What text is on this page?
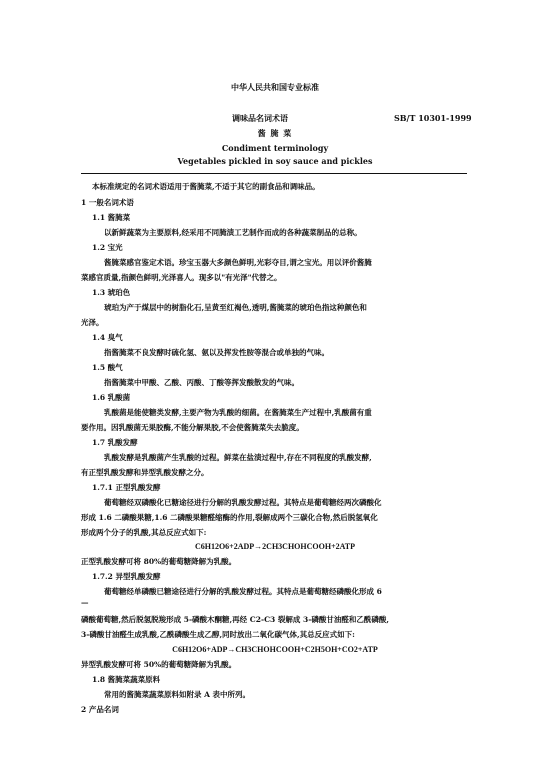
中华人民共和国专业标准
调味品名词术语	SB/T 10301-1999
酱 腌 菜
Condiment terminology
Vegetables pickled in soy sauce and pickles
本标准规定的名词术语适用于酱腌菜,不适于其它的副食品和调味品。
1 一般名词术语
1.1 酱腌菜
以新鲜蔬菜为主要原料,经采用不同腌渍工艺制作而成的各种蔬菜制品的总称。
1.2 宝光
酱腌菜感官鉴定术语。珍宝玉器大多颜色鲜明,光彩夺目,谓之宝光。用以评价酱腌
菜感官质量,指颜色鲜明,光泽喜人。现多以"有光泽"代替之。
1.3 琥珀色
琥珀为产于煤层中的树脂化石,呈黄至红褐色,透明,酱腌菜的琥珀色指这种颜色和
光泽。
1.4 臭气
指酱腌菜不良发酵时硫化氢、氨以及挥发性胺等混合或单独的气味。
1.5 酸气
指酱腌菜中甲酸、乙酸、丙酸、丁酸等挥发酸散发的气味。
1.6 乳酸菌
乳酸菌是能使糖类发酵,主要产物为乳酸的细菌。在酱腌菜生产过程中,乳酸菌有重
要作用。因乳酸菌无果胶酶,不能分解果胶,不会使酱腌菜失去脆度。
1.7 乳酸发酵
乳酸发酵是乳酸菌产生乳酸的过程。鲜菜在盐渍过程中,存在不同程度的乳酸发酵,
有正型乳酸发酵和异型乳酸发酵之分。
1.7.1 正型乳酸发酵
葡萄糖经双磷酸化已糖途径进行分解的乳酸发酵过程。其特点是葡萄糖经两次磷酸化
形成 1.6 二磷酸果糖,1.6 二磷酸果糖醛缩酶的作用,裂解成两个三碳化合物,然后脱氢氧化
形成两个分子的乳酸,其总反应式如下:
C6H12O6+2ADP→2CH3CHOHCOOH+2ATP
正型乳酸发酵可将 80%的葡萄糖降解为乳酸。
1.7.2 异型乳酸发酵
葡萄糖经单磷酸已糖途径进行分解的乳酸发酵过程。其特点是葡萄糖经磷酸化形成 6
—
磷酸葡萄糖,然后脱氢脱羧形成 5-磷酸木酮糖,再经 C2-C3 裂解成 3-磷酸甘油醛和乙酰磷酸,
3-磷酸甘油醛生成乳酸,乙酰磷酸生成乙醇,同时放出二氧化碳气体,其总反应式如下:
C6H12O6+ADP→CH3CHOHCOOH+C2H5OH+CO2+ATP
异型乳酸发酵可将 50%的葡萄糖降解为乳酸。
1.8 酱腌菜蔬菜原料
常用的酱腌菜蔬菜原料如附录 A 表中所列。
2 产品名词
